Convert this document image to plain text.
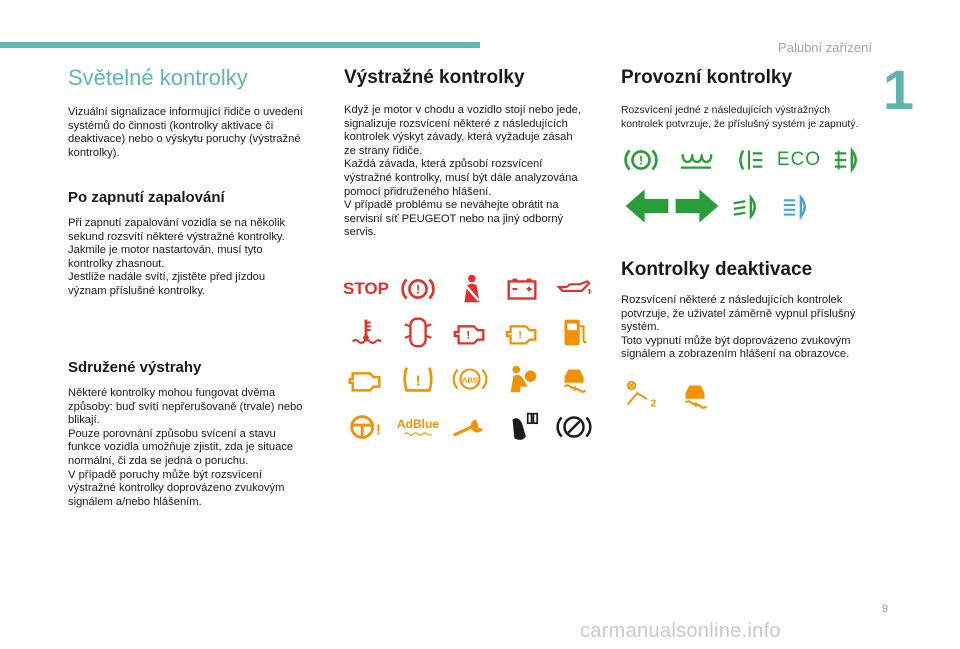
Palubní zařízení
1
Světelné kontrolky

Vizuální signalizace informující řidiče o uvedení
systémů do činnosti (kontrolky aktivace či
deaktivace) nebo o výskytu poruchy (výstražné
kontrolky).

Po zapnutí zapalování

Při zapnutí zapalování vozidla se na několik
sekund rozsvítí některé výstražné kontrolky.
Jakmile je motor nastartován, musí tyto
kontrolky zhasnout.
Jestliže nadále svítí, zjistěte před jízdou
význam příslušné kontrolky.

Sdružené výstrahy

Některé kontrolky mohou fungovat dvěma
způsoby: buď svítí nepřerušovaně (trvale) nebo
blikají.
Pouze porovnání způsobu svícení a stavu
funkce vozidla umožňuje zjistit, zda je situace
normální, či zda se jedná o poruchu.
V případě poruchy může být rozsvícení
výstražné kontrolky doprovázeno zvukovým
signálem a/nebo hlášením.

Výstražné kontrolky

Když je motor v chodu a vozidlo stojí nebo jede,
signalizuje rozsvícení některé z následujících
kontrolek výskyt závady, která vyžaduje zásah
ze strany řidiče.
Každá závada, která způsobí rozsvícení
výstražné kontrolky, musí být dále analyzována
pomocí přidruženého hlášení.
V případě problému se neváhejte obrátit na
servisní síť PEUGEOT nebo na jiný odborný
servis.

STOP !
!	!
!	ABS
! AdBlue
Provozní kontrolky

Rozsvícení jedné z následujících výstražných
kontrolek potvrzuje, že příslušný systém je zapnutý.

!	ECO
Kontrolky deaktivace

Rozsvícení některé z následujících kontrolek
potvrzuje, že uživatel záměrně vypnul příslušný
systém.
Toto vypnutí může být doprovázeno zvukovým
signálem a zobrazením hlášení na obrazovce.

2
9
carmanualsonline.info
